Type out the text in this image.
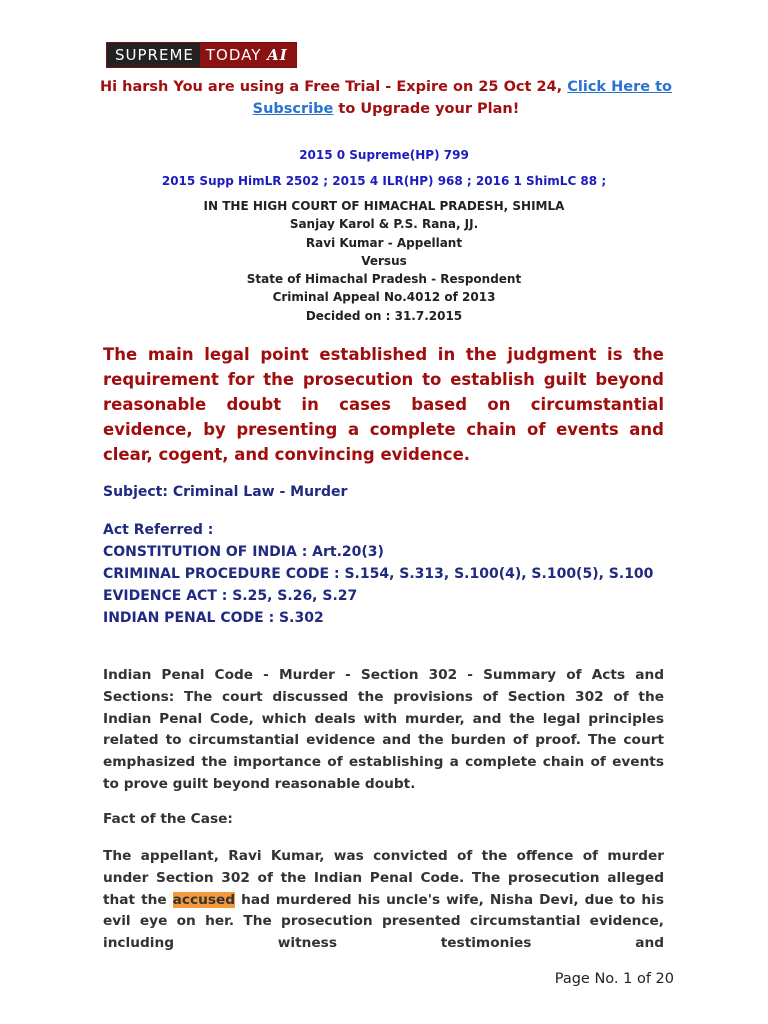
SUPREME TODAY AI
Hi harsh You are using a Free Trial - Expire on 25 Oct 24, Click Here to Subscribe to Upgrade your Plan!
2015 0 Supreme(HP) 799
2015 Supp HimLR 2502 ; 2015 4 ILR(HP) 968 ; 2016 1 ShimLC 88 ;
IN THE HIGH COURT OF HIMACHAL PRADESH, SHIMLA
Sanjay Karol & P.S. Rana, JJ.
Ravi Kumar - Appellant
Versus
State of Himachal Pradesh - Respondent
Criminal Appeal No.4012 of 2013
Decided on : 31.7.2015
The main legal point established in the judgment is the requirement for the prosecution to establish guilt beyond reasonable doubt in cases based on circumstantial evidence, by presenting a complete chain of events and clear, cogent, and convincing evidence.
Subject: Criminal Law - Murder
Act Referred :
CONSTITUTION OF INDIA : Art.20(3)
CRIMINAL PROCEDURE CODE : S.154, S.313, S.100(4), S.100(5), S.100
EVIDENCE ACT : S.25, S.26, S.27
INDIAN PENAL CODE : S.302
Indian Penal Code - Murder - Section 302 - Summary of Acts and Sections: The court discussed the provisions of Section 302 of the Indian Penal Code, which deals with murder, and the legal principles related to circumstantial evidence and the burden of proof. The court emphasized the importance of establishing a complete chain of events to prove guilt beyond reasonable doubt.
Fact of the Case:
The appellant, Ravi Kumar, was convicted of the offence of murder under Section 302 of the Indian Penal Code. The prosecution alleged that the accused had murdered his uncle's wife, Nisha Devi, due to his evil eye on her. The prosecution presented circumstantial evidence, including witness testimonies and
Page No. 1 of 20
